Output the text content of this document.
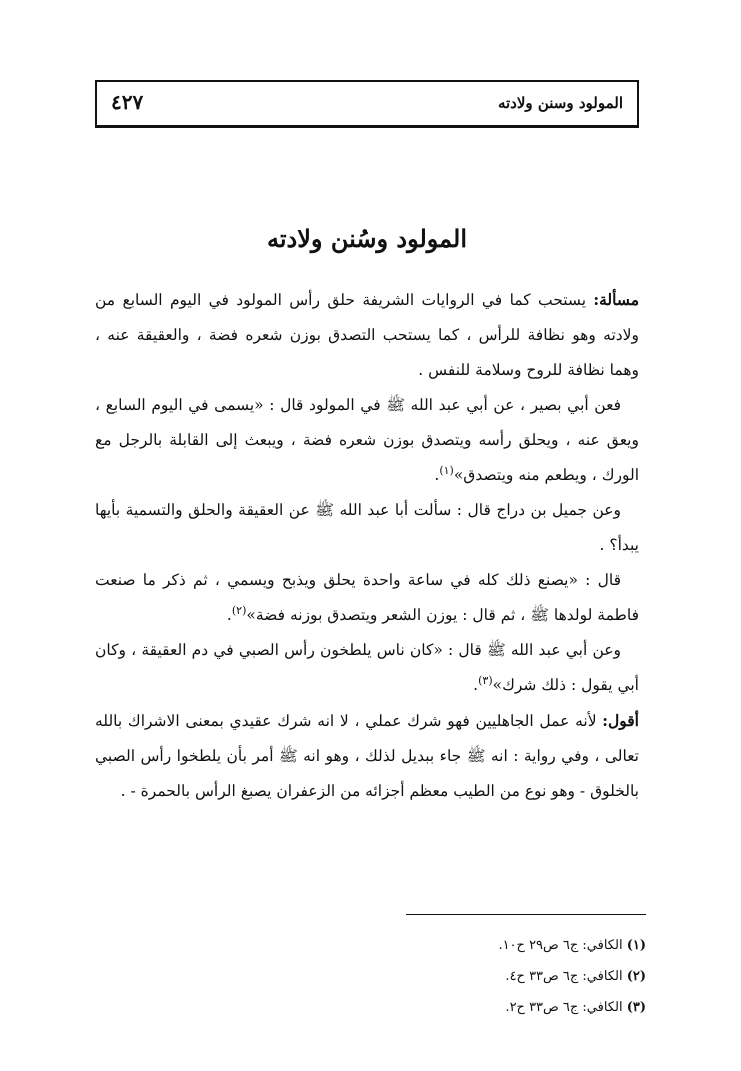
المولود وسنن ولادته
٤٢٧
المولود وسُنن ولادته

مسألة: يستحب كما في الروايات الشريفة حلق رأس المولود في اليوم السابع من ولادته وهو نظافة للرأس ، كما يستحب التصدق بوزن شعره فضة ، والعقيقة عنه ، وهما نظافة للروح وسلامة للنفس .

فعن أبي بصير ، عن أبي عبد الله ﷺ في المولود قال : «يسمى في اليوم السابع ، ويعق عنه ، ويحلق رأسه ويتصدق بوزن شعره فضة ، ويبعث إلى القابلة بالرجل مع الورك ، ويطعم منه ويتصدق»$^{(١)}$.

وعن جميل بن دراج قال : سألت أبا عبد الله ﷺ عن العقيقة والحلق والتسمية بأيها يبدأ؟ .

قال : «يصنع ذلك كله في ساعة واحدة يحلق ويذبح ويسمي ، ثم ذكر ما صنعت فاطمة لولدها ﷺ ، ثم قال : يوزن الشعر ويتصدق بوزنه فضة»$^{(٢)}$.

وعن أبي عبد الله ﷺ قال : «كان ناس يلطخون رأس الصبي في دم العقيقة ، وكان أبي يقول : ذلك شرك»$^{(٣)}$.

أقول: لأنه عمل الجاهليين فهو شرك عملي ، لا انه شرك عقيدي بمعنى الاشراك بالله تعالى ، وفي رواية : انه ﷺ جاء ببديل لذلك ، وهو انه ﷺ أمر بأن يلطخوا رأس الصبي بالخلوق - وهو نوع من الطيب معظم أجزائه من الزعفران يصبغ الرأس بالحمرة - .

(١) الكافي: ج٦ ص٢٩ ح١٠.
(٢) الكافي: ج٦ ص٣٣ ح٤.
(٣) الكافي: ج٦ ص٣٣ ح٢.
